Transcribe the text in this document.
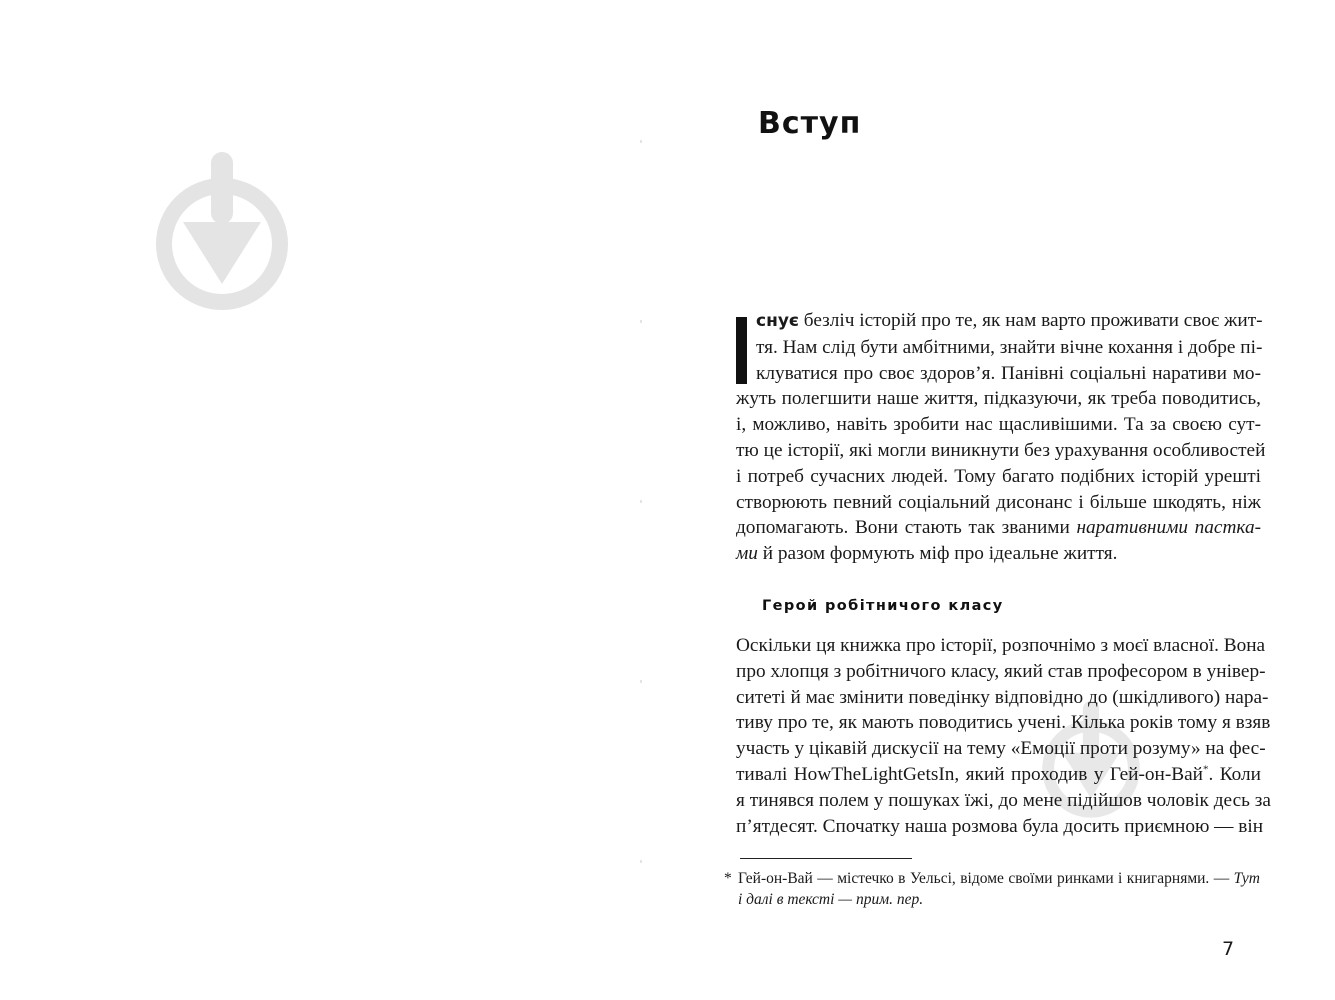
Вступ
снує безліч історій про те, як нам варто проживати своє жит-
тя. Нам слід бути амбітними, знайти вічне кохання і добре пі-
клуватися про своє здоров’я. Панівні соціальні наративи мо-
жуть полегшити наше життя, підказуючи, як треба поводитись,
і, можливо, навіть зробити нас щасливішими. Та за своєю сут-
тю це історії, які могли виникнути без урахування особливостей
і потреб сучасних людей. Тому багато подібних історій урешті
створюють певний соціальний дисонанс і більше шкодять, ніж
допомагають. Вони стають так званими наративними пастка-
ми й разом формують міф про ідеальне життя.
Герой робітничого класу
Оскільки ця книжка про історії, розпочнімо з моєї власної. Вона
про хлопця з робітничого класу, який став професором в універ-
ситеті й має змінити поведінку відповідно до (шкідливого) нара-
тиву про те, як мають поводитись учені. Кілька років тому я взяв
участь у цікавій дискусії на тему «Емоції проти розуму» на фес-
тивалі HowTheLightGetsIn, який проходив у Гей-он-Вай*. Коли
я тинявся полем у пошуках їжі, до мене підійшов чоловік десь за
п’ятдесят. Спочатку наша розмова була досить приємною — він
* Гей-он-Вай — містечко в Уельсі, відоме своїми ринками і книгарнями. — Тут
і далі в тексті — прим. пер.
7
